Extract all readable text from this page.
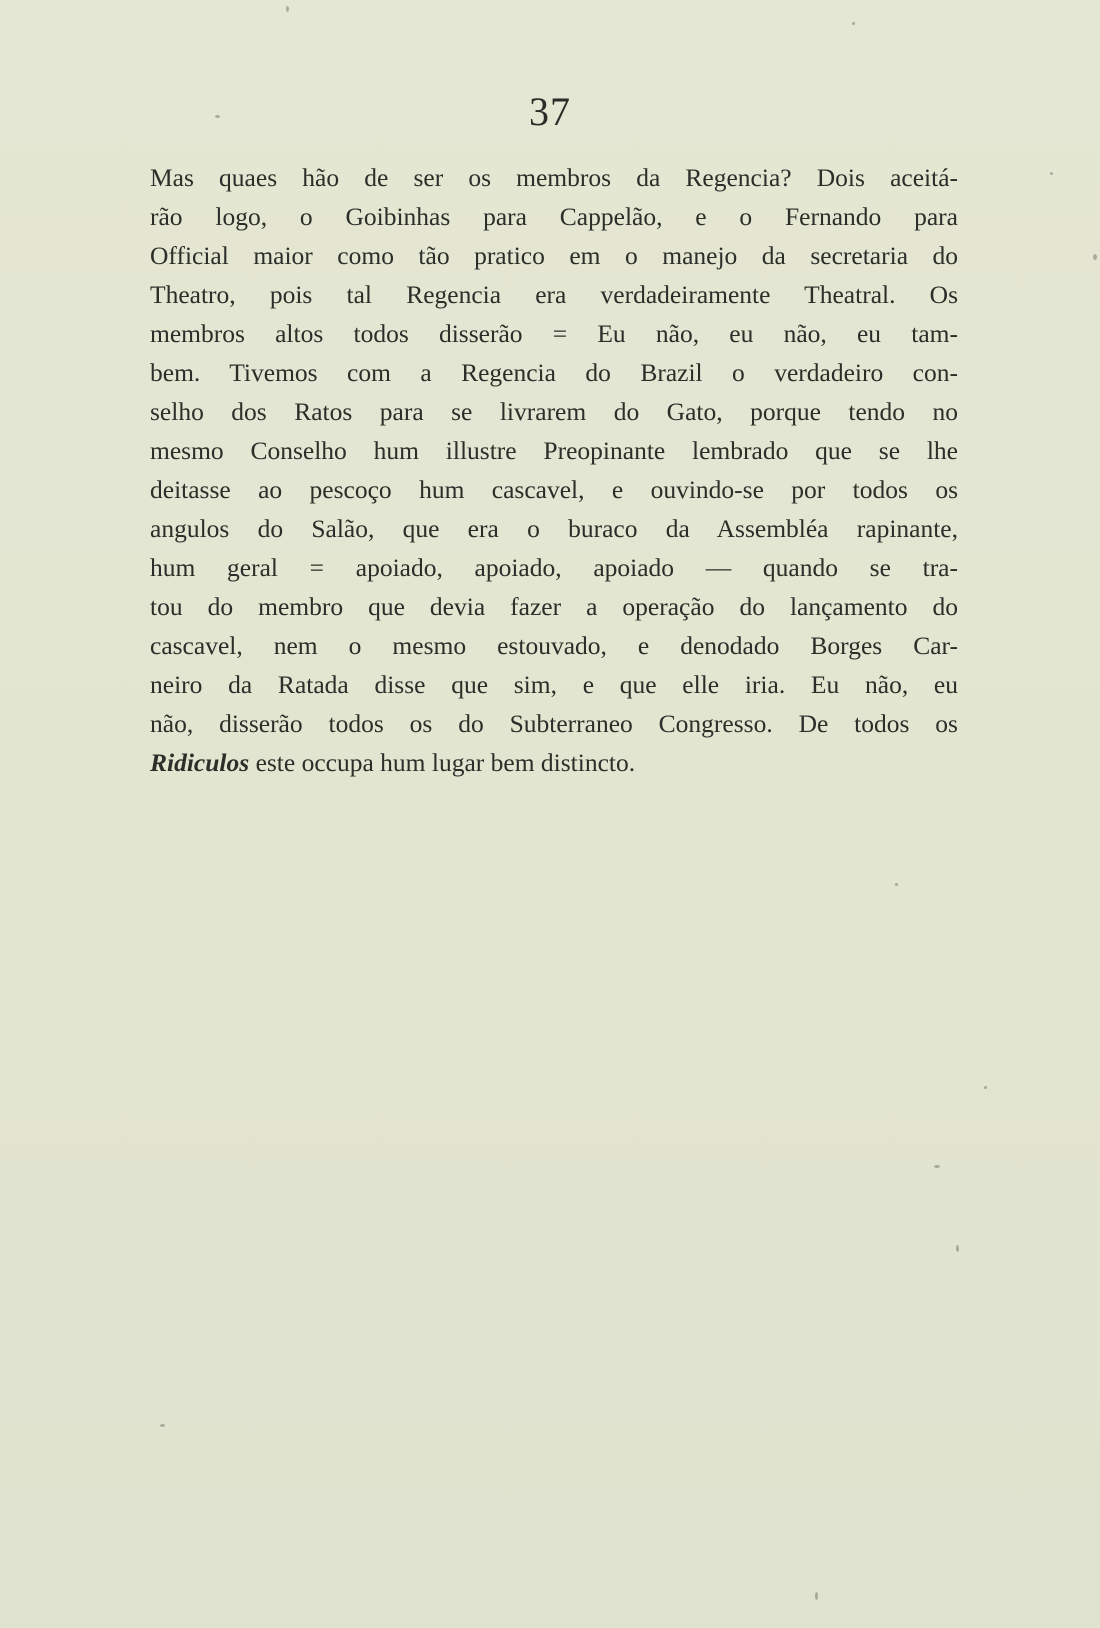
37
Mas quaes hão de ser os membros da Regencia? Dois aceitá-
rão logo, o Goibinhas para Cappelão, e o Fernando para
Official maior como tão pratico em o manejo da secretaria do
Theatro, pois tal Regencia era verdadeiramente Theatral. Os
membros altos todos disserão = Eu não, eu não, eu tam-
bem. Tivemos com a Regencia do Brazil o verdadeiro con-
selho dos Ratos para se livrarem do Gato, porque tendo no
mesmo Conselho hum illustre Preopinante lembrado que se lhe
deitasse ao pescoço hum cascavel, e ouvindo-se por todos os
angulos do Salão, que era o buraco da Assembléa rapinante,
hum geral = apoiado, apoiado, apoiado — quando se tra-
tou do membro que devia fazer a operação do lançamento do
cascavel, nem o mesmo estouvado, e denodado Borges Car-
neiro da Ratada disse que sim, e que elle iria. Eu não, eu
não, disserão todos os do Subterraneo Congresso. De todos os
Ridiculos este occupa hum lugar bem distincto.
